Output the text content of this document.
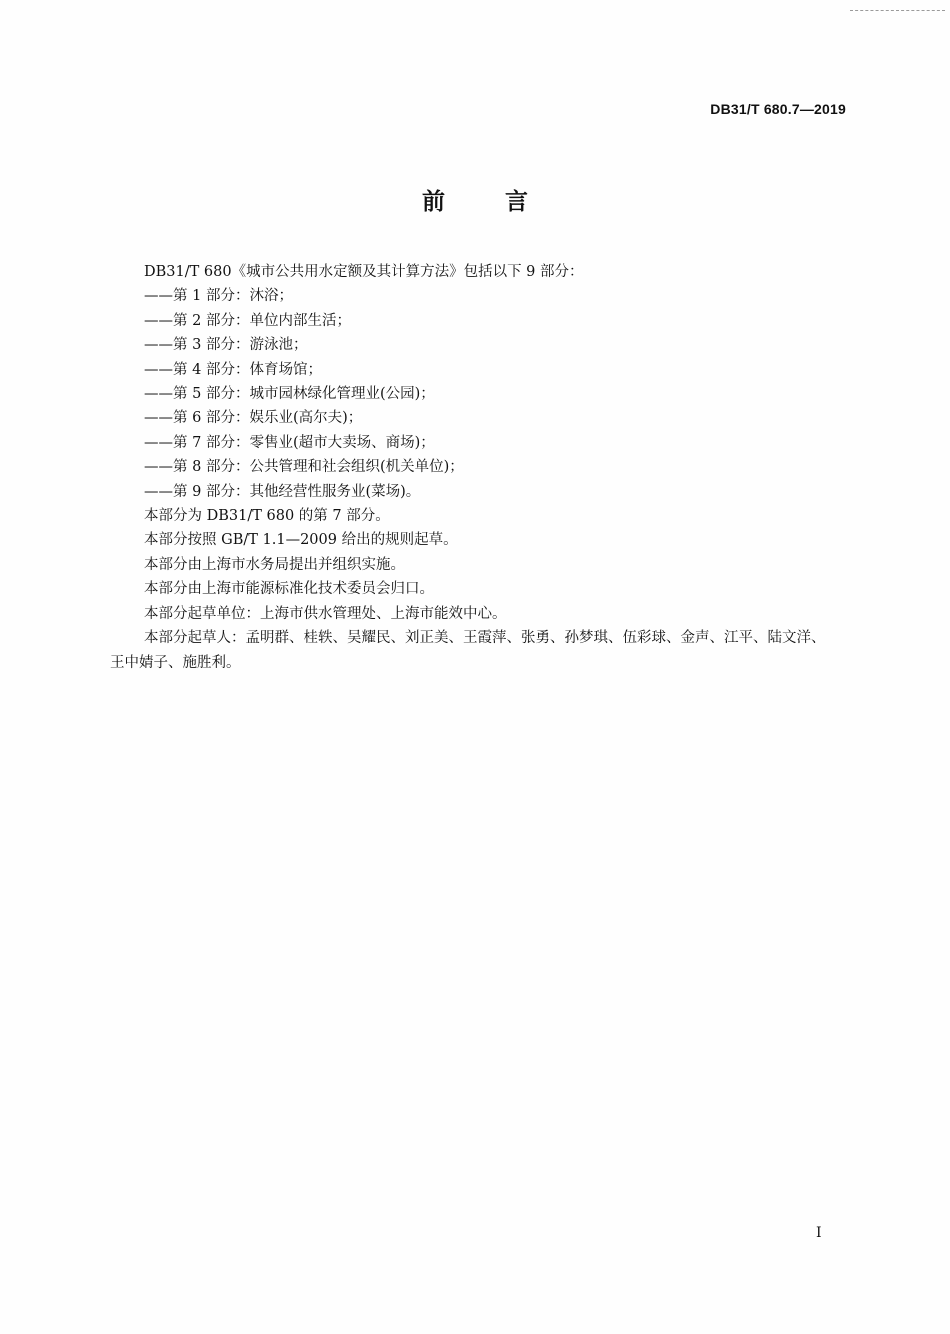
DB31/T 680.7—2019
前言
DB31/T 680《城市公共用水定额及其计算方法》包括以下 9 部分：
——第 1 部分：沐浴；
——第 2 部分：单位内部生活；
——第 3 部分：游泳池；
——第 4 部分：体育场馆；
——第 5 部分：城市园林绿化管理业(公园)；
——第 6 部分：娱乐业(高尔夫)；
——第 7 部分：零售业(超市大卖场、商场)；
——第 8 部分：公共管理和社会组织(机关单位)；
——第 9 部分：其他经营性服务业(菜场)。
本部分为 DB31/T 680 的第 7 部分。
本部分按照 GB/T 1.1—2009 给出的规则起草。
本部分由上海市水务局提出并组织实施。
本部分由上海市能源标准化技术委员会归口。
本部分起草单位：上海市供水管理处、上海市能效中心。
本部分起草人：孟明群、桂轶、吴耀民、刘正美、王霞萍、张勇、孙梦琪、伍彩球、金声、江平、陆文洋、
王中婧子、施胜利。
I
